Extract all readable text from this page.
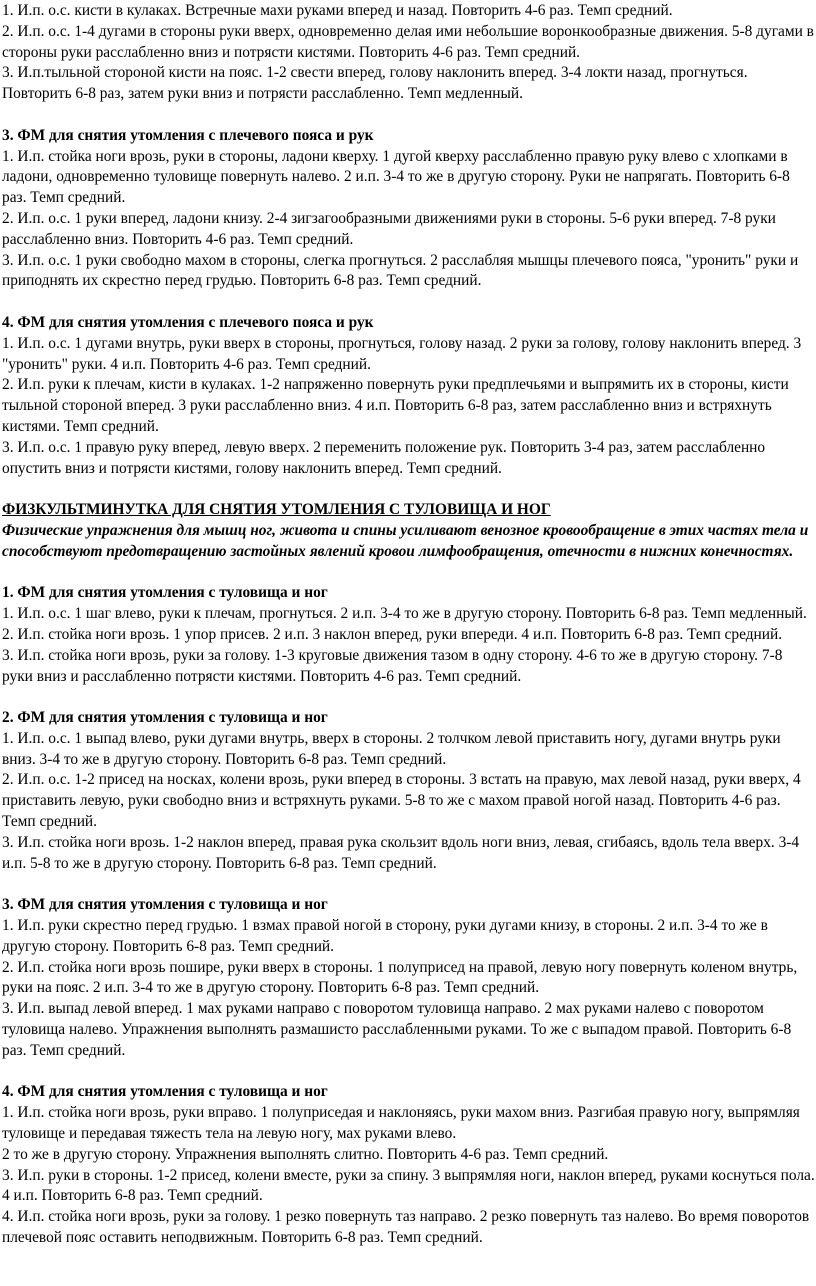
1. И.п. о.с. кисти в кулаках. Встречные махи руками вперед и назад. Повторить 4-6 раз. Темп средний.

2. И.п. о.с. 1-4 дугами в стороны руки вверх, одновременно делая ими небольшие воронкообразные движения. 5-8 дугами в стороны руки расслабленно вниз и потрясти кистями. Повторить 4-6 раз. Темп средний.

3. И.п.тыльной стороной кисти на пояс. 1-2 свести вперед, голову наклонить вперед. 3-4 локти назад, прогнуться. Повторить 6-8 раз, затем руки вниз и потрясти расслабленно. Темп медленный.

3. ФМ для снятия утомления с плечевого пояса и рук

1. И.п. стойка ноги врозь, руки в стороны, ладони кверху. 1 дугой кверху расслабленно правую руку влево с хлопками в ладони, одновременно туловище повернуть налево. 2 и.п. 3-4 то же в другую сторону. Руки не напрягать. Повторить 6-8 раз. Темп средний.

2. И.п. о.с. 1 руки вперед, ладони книзу. 2-4 зигзагообразными движениями руки в стороны. 5-6 руки вперед. 7-8 руки расслабленно вниз. Повторить 4-6 раз. Темп средний.

3. И.п. о.с. 1 руки свободно махом в стороны, слегка прогнуться. 2 расслабляя мышцы плечевого пояса, "уронить" руки и приподнять их скрестно перед грудью. Повторить 6-8 раз. Темп средний.

4. ФМ для снятия утомления с плечевого пояса и рук

1. И.п. о.с. 1 дугами внутрь, руки вверх в стороны, прогнуться, голову назад. 2 руки за голову, голову наклонить вперед. 3 "уронить" руки. 4 и.п. Повторить 4-6 раз. Темп средний.

2. И.п. руки к плечам, кисти в кулаках. 1-2 напряженно повернуть руки предплечьями и выпрямить их в стороны, кисти тыльной стороной вперед. 3 руки расслабленно вниз. 4 и.п. Повторить 6-8 раз, затем расслабленно вниз и встряхнуть кистями. Темп средний.

3. И.п. о.с. 1 правую руку вперед, левую вверх. 2 переменить положение рук. Повторить 3-4 раз, затем расслабленно опустить вниз и потрясти кистями, голову наклонить вперед. Темп средний.

ФИЗКУЛЬТМИНУТКА ДЛЯ СНЯТИЯ УТОМЛЕНИЯ С ТУЛОВИЩА И НОГ

Физические упражнения для мышц ног, живота и спины усиливают венозное кровообращение в этих частях тела и способствуют предотвращению застойных явлений кровои лимфообращения, отечности в нижних конечностях.

1. ФМ для снятия утомления с туловища и ног

1. И.п. о.с. 1 шаг влево, руки к плечам, прогнуться. 2 и.п. 3-4 то же в другую сторону. Повторить 6-8 раз. Темп медленный.

2. И.п. стойка ноги врозь. 1 упор присев. 2 и.п. 3 наклон вперед, руки впереди. 4 и.п. Повторить 6-8 раз. Темп средний.

3. И.п. стойка ноги врозь, руки за голову. 1-3 круговые движения тазом в одну сторону. 4-6 то же в другую сторону. 7-8 руки вниз и расслабленно потрясти кистями. Повторить 4-6 раз. Темп средний.

2. ФМ для снятия утомления с туловища и ног

1. И.п. о.с. 1 выпад влево, руки дугами внутрь, вверх в стороны. 2 толчком левой приставить ногу, дугами внутрь руки вниз. 3-4 то же в другую сторону. Повторить 6-8 раз. Темп средний.

2. И.п. о.с. 1-2 присед на носках, колени врозь, руки вперед в стороны. 3 встать на правую, мах левой назад, руки вверх, 4 приставить левую, руки свободно вниз и встряхнуть руками. 5-8 то же с махом правой ногой назад. Повторить 4-6 раз. Темп средний.

3. И.п. стойка ноги врозь. 1-2 наклон вперед, правая рука скользит вдоль ноги вниз, левая, сгибаясь, вдоль тела вверх. 3-4 и.п. 5-8 то же в другую сторону. Повторить 6-8 раз. Темп средний.

3. ФМ для снятия утомления с туловища и ног

1. И.п. руки скрестно перед грудью. 1 взмах правой ногой в сторону, руки дугами книзу, в стороны. 2 и.п. 3-4 то же в другую сторону. Повторить 6-8 раз. Темп средний.

2. И.п. стойка ноги врозь пошире, руки вверх в стороны. 1 полуприсед на правой, левую ногу повернуть коленом внутрь, руки на пояс. 2 и.п. 3-4 то же в другую сторону. Повторить 6-8 раз. Темп средний.

3. И.п. выпад левой вперед. 1 мах руками направо с поворотом туловища направо. 2 мах руками налево с поворотом туловища налево. Упражнения выполнять размашисто расслабленными руками. То же с выпадом правой. Повторить 6-8 раз. Темп средний.

4. ФМ для снятия утомления с туловища и ног

1. И.п. стойка ноги врозь, руки вправо. 1 полуприседая и наклоняясь, руки махом вниз. Разгибая правую ногу, выпрямляя туловище и передавая тяжесть тела на левую ногу, мах руками влево.

2 то же в другую сторону. Упражнения выполнять слитно. Повторить 4-6 раз. Темп средний.

3. И.п. руки в стороны. 1-2 присед, колени вместе, руки за спину. 3 выпрямляя ноги, наклон вперед, руками коснуться пола. 4 и.п. Повторить 6-8 раз. Темп средний.

4. И.п. стойка ноги врозь, руки за голову. 1 резко повернуть таз направо. 2 резко повернуть таз налево. Во время поворотов плечевой пояс оставить неподвижным. Повторить 6-8 раз. Темп средний.
